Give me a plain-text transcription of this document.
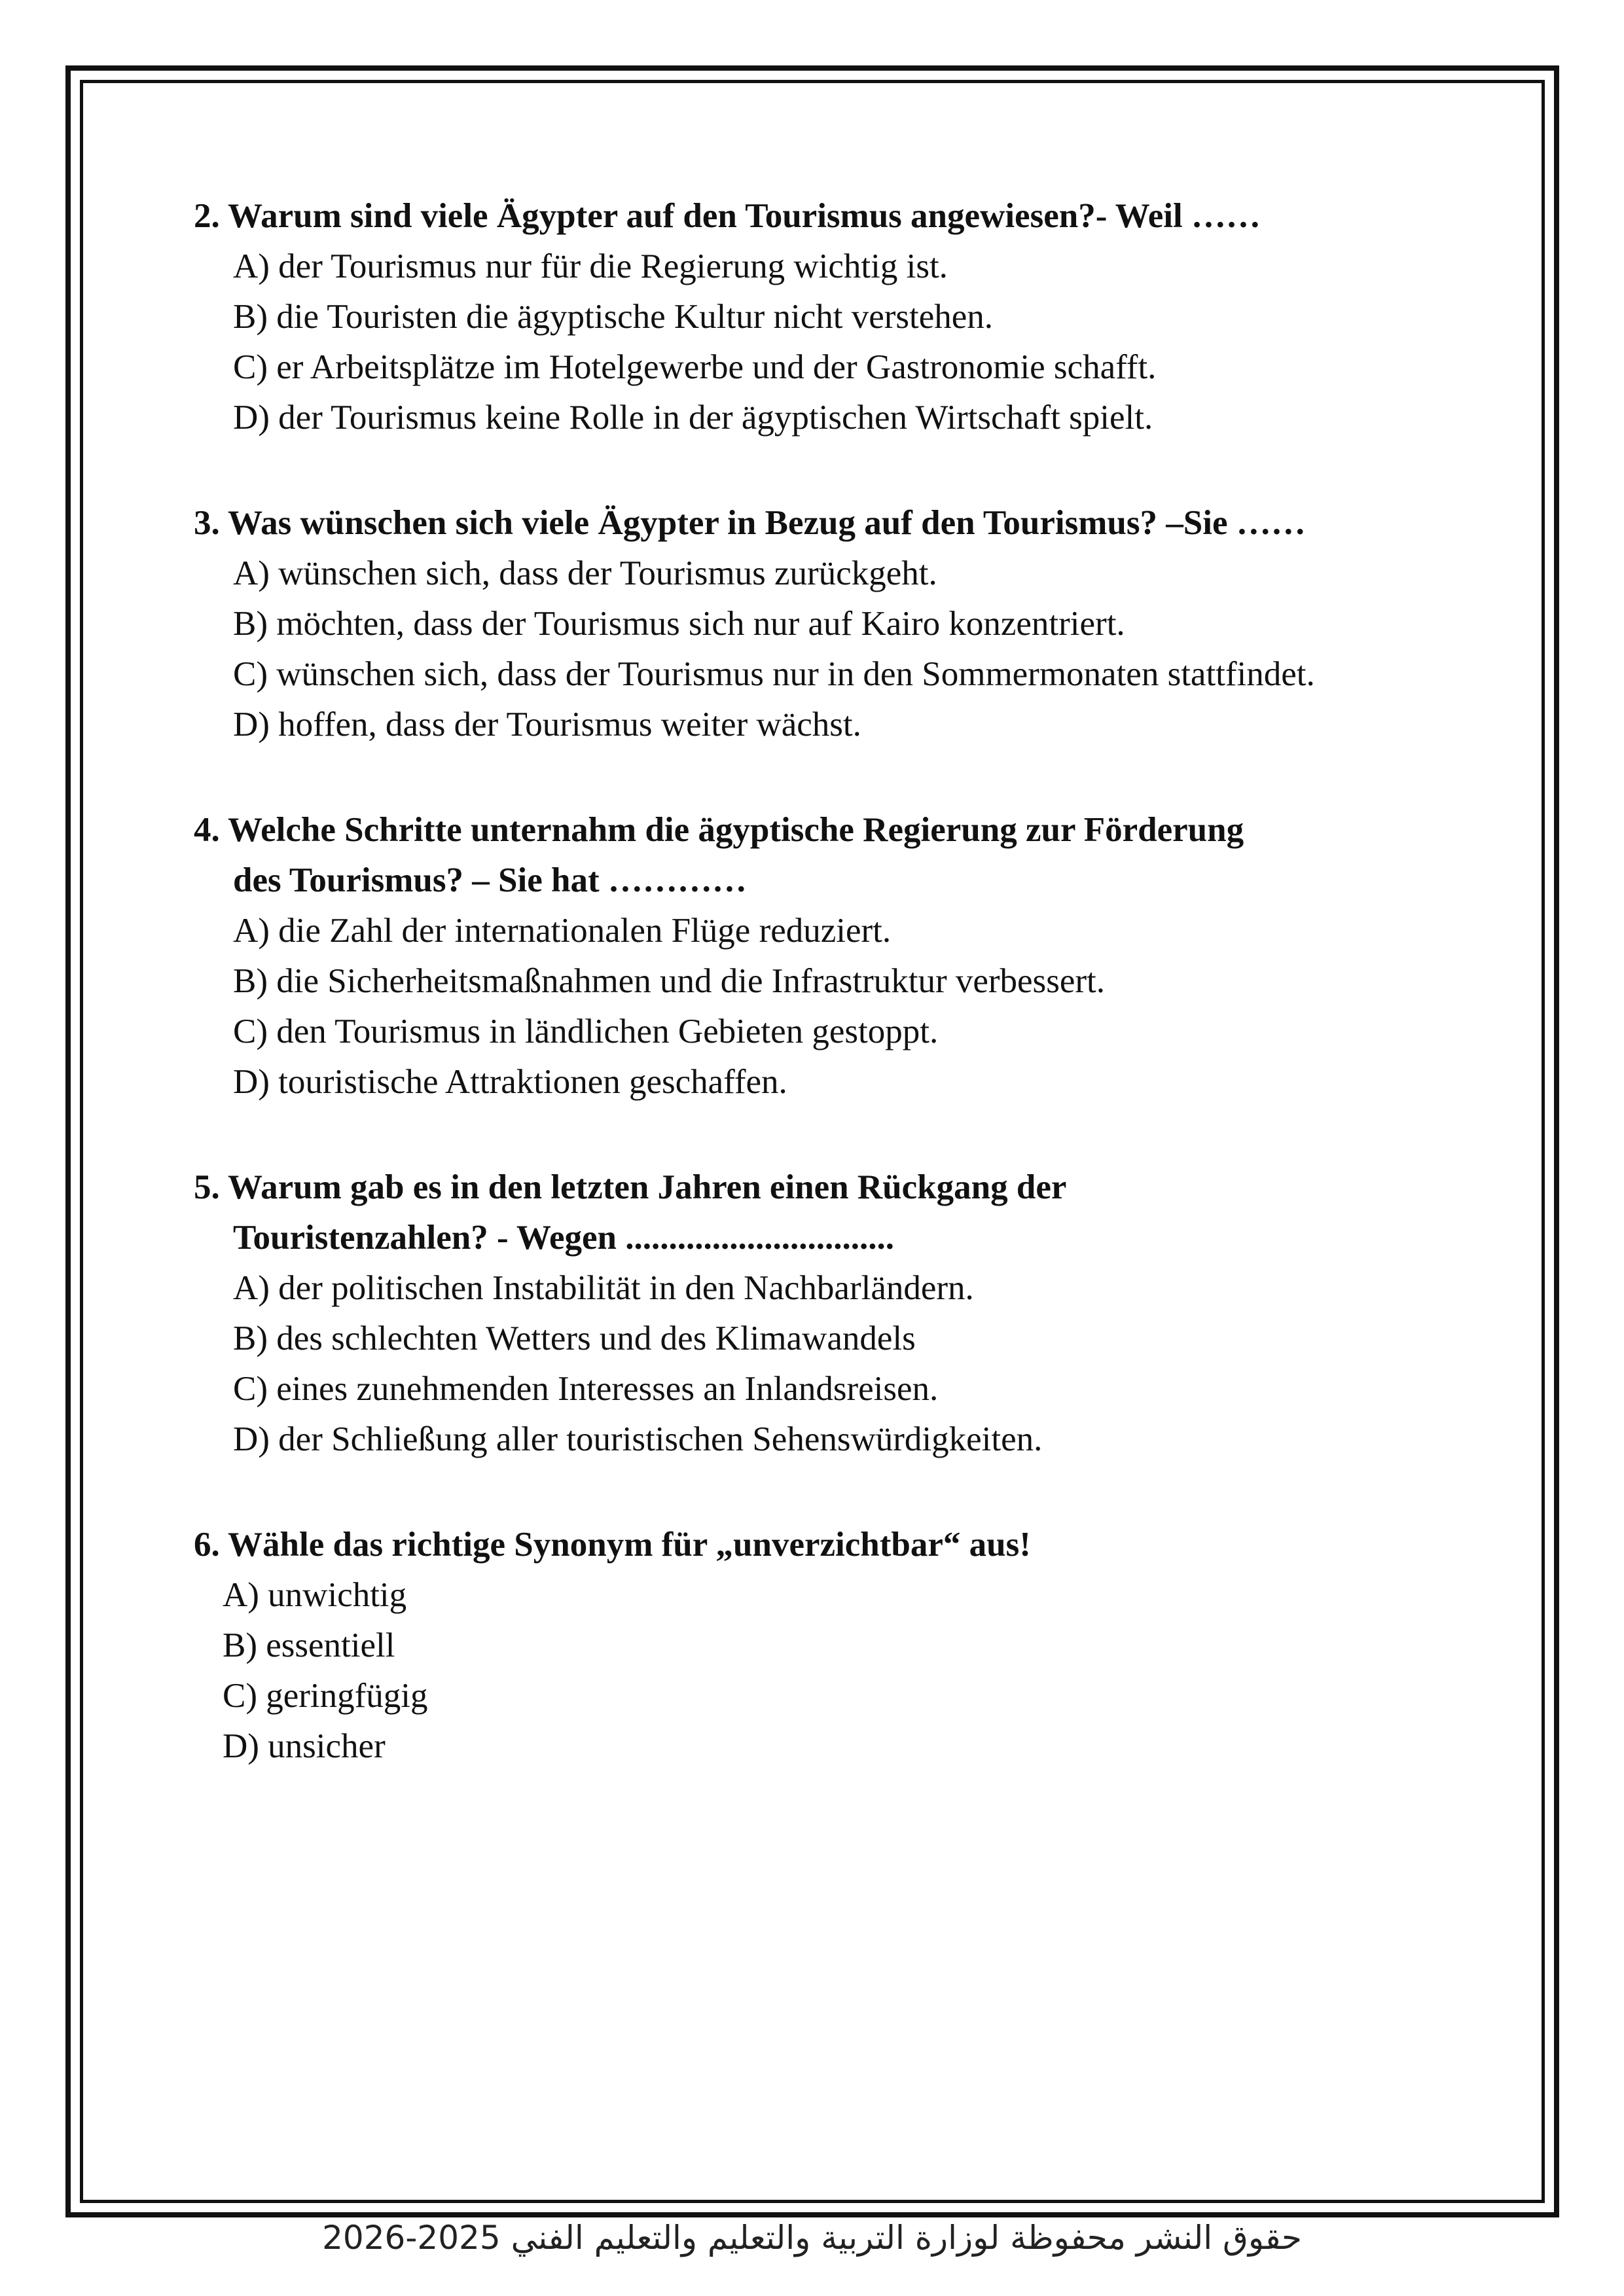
2. Warum sind viele Ägypter auf den Tourismus angewiesen?- Weil ……
A) der Tourismus nur für die Regierung wichtig ist.
B) die Touristen die ägyptische Kultur nicht verstehen.
C) er Arbeitsplätze im Hotelgewerbe und der Gastronomie schafft.
D) der Tourismus keine Rolle in der ägyptischen Wirtschaft spielt.
3. Was wünschen sich viele Ägypter in Bezug auf den Tourismus? –Sie ……
A) wünschen sich, dass der Tourismus zurückgeht.
B) möchten, dass der Tourismus sich nur auf Kairo konzentriert.
C) wünschen sich, dass der Tourismus nur in den Sommermonaten stattfindet.
D) hoffen, dass der Tourismus weiter wächst.
4. Welche Schritte unternahm die ägyptische Regierung zur Förderung
des Tourismus? – Sie hat …………
A) die Zahl der internationalen Flüge reduziert.
B) die Sicherheitsmaßnahmen und die Infrastruktur verbessert.
C) den Tourismus in ländlichen Gebieten gestoppt.
D) touristische Attraktionen geschaffen.
5. Warum gab es in den letzten Jahren einen Rückgang der
Touristenzahlen? - Wegen ...............................
A) der politischen Instabilität in den Nachbarländern.
B) des schlechten Wetters und des Klimawandels
C) eines zunehmenden Interesses an Inlandsreisen.
D) der Schließung aller touristischen Sehenswürdigkeiten.
6. Wähle das richtige Synonym für „unverzichtbar“ aus!
A) unwichtig
B) essentiell
C) geringfügig
D) unsicher
حقوق النشر محفوظة لوزارة التربية والتعليم والتعليم الفني 2025-2026
